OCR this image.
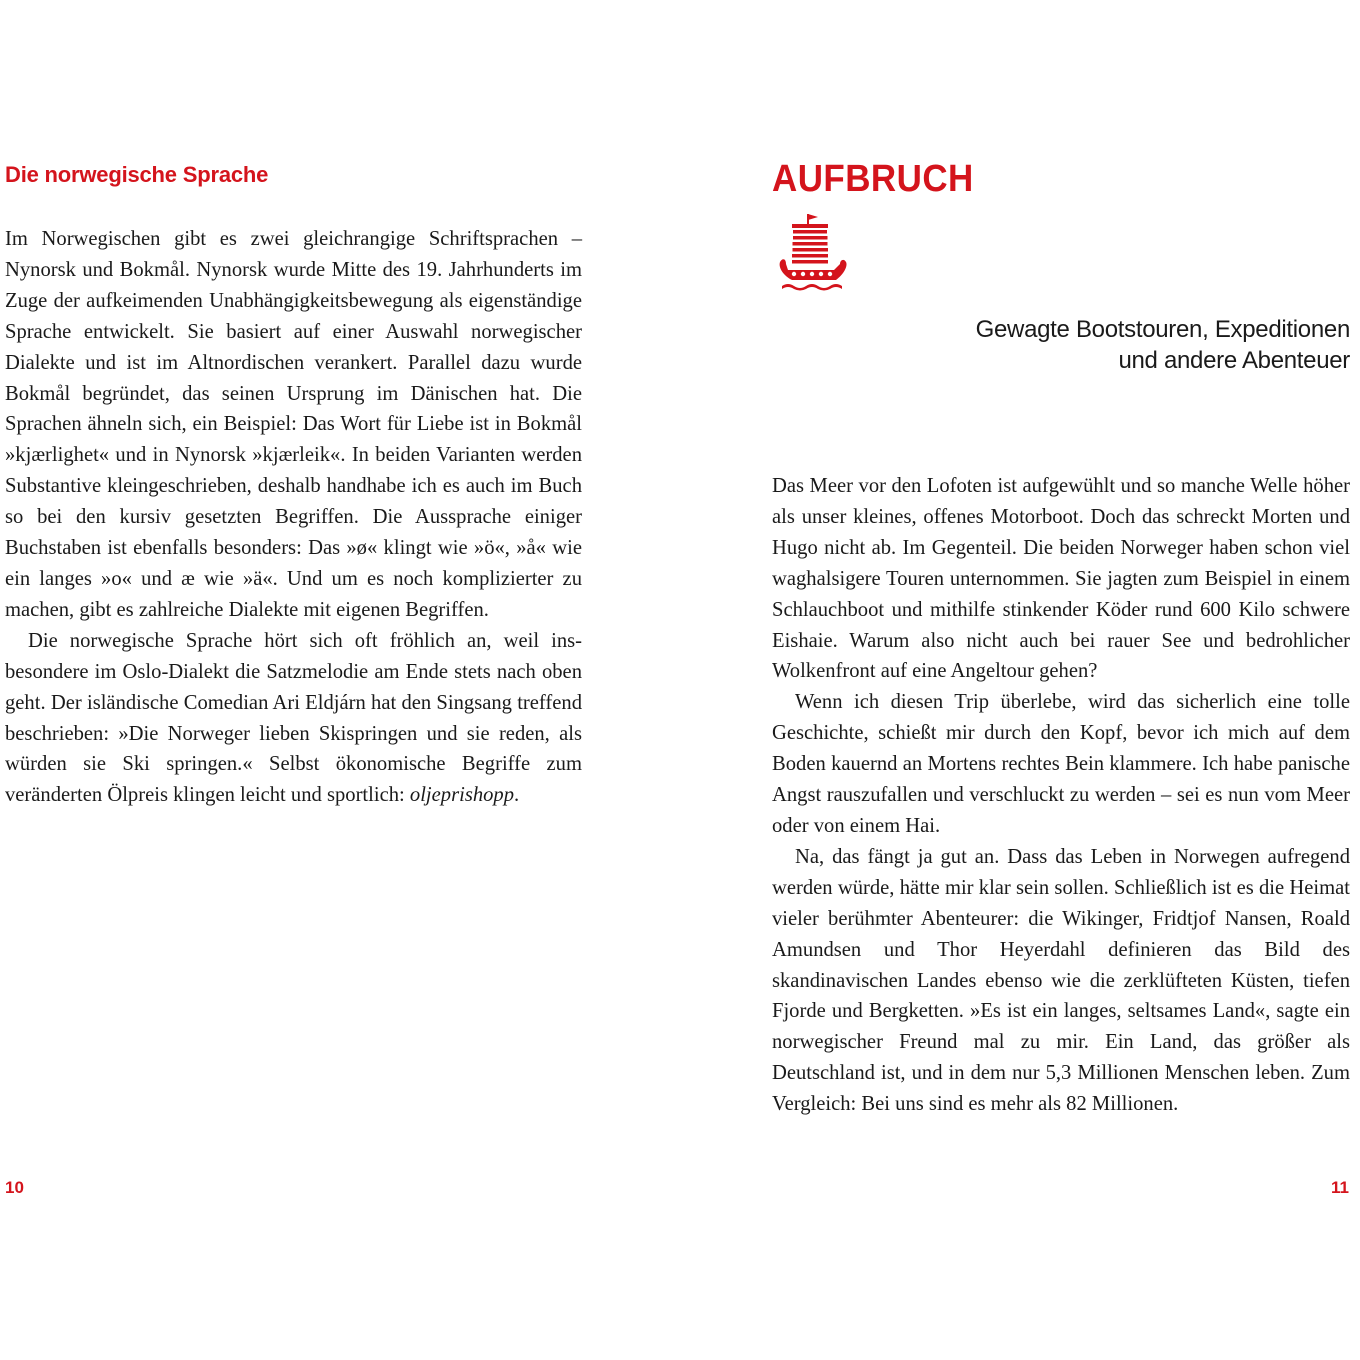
Die norwegische Sprache

Im Norwegischen gibt es zwei gleichrangige Schriftsprachen – Nynorsk und Bokmål. Nynorsk wurde Mitte des 19. Jahrhunderts im Zuge der aufkeimenden Unabhängigkeitsbewegung als eigenständige Sprache entwickelt. Sie basiert auf einer Auswahl norwegischer Dialekte und ist im Altnordischen verankert. Parallel dazu wurde Bokmål begründet, das seinen Ursprung im Dänischen hat. Die Sprachen ähneln sich, ein Beispiel: Das Wort für Liebe ist in Bokmål »kjærlighet« und in Nynorsk »kjærleik«. In beiden Varianten werden Substantive kleingeschrieben, deshalb handhabe ich es auch im Buch so bei den kursiv gesetzten Begriffen. Die Aussprache einiger Buchstaben ist ebenfalls besonders: Das »ø« klingt wie »ö«, »å« wie ein langes »o« und æ wie »ä«. Und um es noch komplizierter zu machen, gibt es zahlreiche Dialekte mit eigenen Begriffen.

Die norwegische Sprache hört sich oft fröhlich an, weil insbesondere im Oslo-Dialekt die Satzmelodie am Ende stets nach oben geht. Der isländische Comedian Ari Eldjárn hat den Singsang treffend beschrieben: »Die Norweger lieben Skispringen und sie reden, als würden sie Ski springen.« Selbst ökonomische Begriffe zum veränderten Ölpreis klingen leicht und sportlich: oljeprishopp.

10
AUFBRUCH
Gewagte Bootstouren, Expeditionen
und andere Abenteuer

Das Meer vor den Lofoten ist aufgewühlt und so manche Welle höher als unser kleines, offenes Motorboot. Doch das schreckt Morten und Hugo nicht ab. Im Gegenteil. Die beiden Norweger haben schon viel waghalsigere Touren unternommen. Sie jagten zum Beispiel in einem Schlauchboot und mithilfe stinkender Köder rund 600 Kilo schwere Eishaie. Warum also nicht auch bei rauer See und bedrohlicher Wolkenfront auf eine Angeltour gehen?

Wenn ich diesen Trip überlebe, wird das sicherlich eine tolle Geschichte, schießt mir durch den Kopf, bevor ich mich auf dem Boden kauernd an Mortens rechtes Bein klammere. Ich habe panische Angst rauszufallen und verschluckt zu werden – sei es nun vom Meer oder von einem Hai.

Na, das fängt ja gut an. Dass das Leben in Norwegen aufregend werden würde, hätte mir klar sein sollen. Schließlich ist es die Heimat vieler berühmter Abenteurer: die Wikinger, Fridtjof Nansen, Roald Amundsen und Thor Heyerdahl definieren das Bild des skandinavischen Landes ebenso wie die zerklüfteten Küsten, tiefen Fjorde und Bergketten. »Es ist ein langes, seltsames Land«, sagte ein norwegischer Freund mal zu mir. Ein Land, das größer als Deutschland ist, und in dem nur 5,3 Millionen Menschen leben. Zum Vergleich: Bei uns sind es mehr als 82 Millionen.

11
